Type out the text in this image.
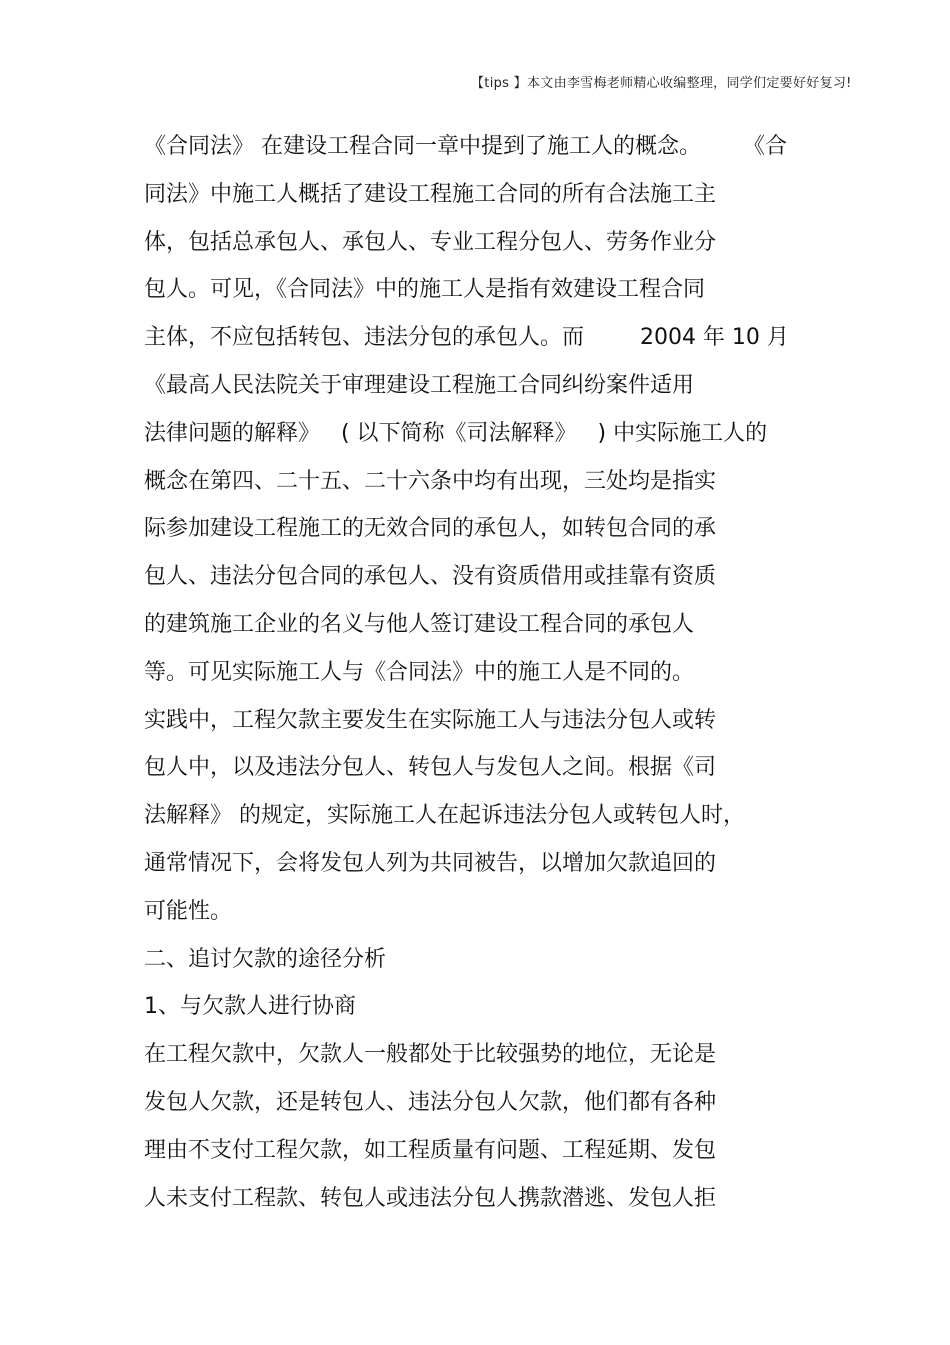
【tips 】本文由李雪梅老师精心收编整理，同学们定要好好复习!
《合同法》 在建设工程合同一章中提到了施工人的概念。      《合
同法》中施工人概括了建设工程施工合同的所有合法施工主
体，包括总承包人、承包人、专业工程分包人、劳务作业分
包人。可见，《合同法》中的施工人是指有效建设工程合同
主体，不应包括转包、违法分包的承包人。而        2004 年 10 月
《最高人民法院关于审理建设工程施工合同纠纷案件适用
法律问题的解释》   ( 以下简称《司法解释》   ) 中实际施工人的
概念在第四、二十五、二十六条中均有出现，三处均是指实
际参加建设工程施工的无效合同的承包人，如转包合同的承
包人、违法分包合同的承包人、没有资质借用或挂靠有资质
的建筑施工企业的名义与他人签订建设工程合同的承包人
等。可见实际施工人与《合同法》中的施工人是不同的。
实践中，工程欠款主要发生在实际施工人与违法分包人或转
包人中，以及违法分包人、转包人与发包人之间。根据《司
法解释》 的规定，实际施工人在起诉违法分包人或转包人时，
通常情况下，会将发包人列为共同被告，以增加欠款追回的
可能性。
二、追讨欠款的途径分析
1、与欠款人进行协商
在工程欠款中，欠款人一般都处于比较强势的地位，无论是
发包人欠款，还是转包人、违法分包人欠款，他们都有各种
理由不支付工程欠款，如工程质量有问题、工程延期、发包
人未支付工程款、转包人或违法分包人携款潜逃、发包人拒
